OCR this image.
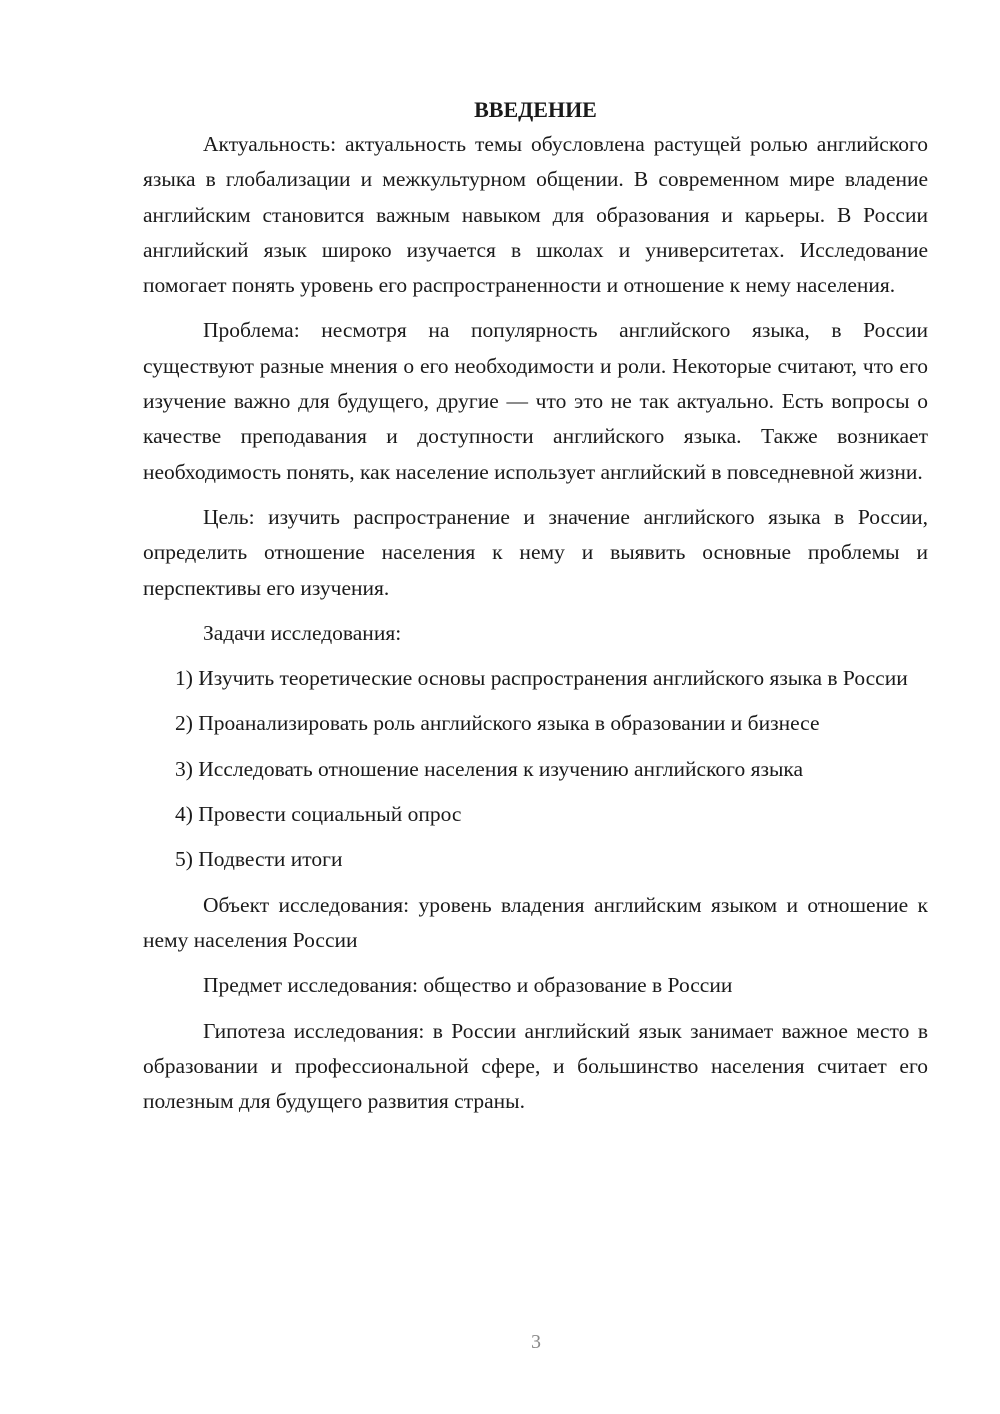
ВВЕДЕНИЕ

Актуальность: актуальность темы обусловлена растущей ролью английского языка в глобализации и межкультурном общении. В современном мире владение английским становится важным навыком для образования и карьеры. В России английский язык широко изучается в школах и университетах. Исследование помогает понять уровень его распространенности и отношение к нему населения.

Проблема: несмотря на популярность английского языка, в России существуют разные мнения о его необходимости и роли. Некоторые считают, что его изучение важно для будущего, другие — что это не так актуально. Есть вопросы о качестве преподавания и доступности английского языка. Также возникает необходимость понять, как население использует английский в повседневной жизни.

Цель: изучить распространение и значение английского языка в России, определить отношение населения к нему и выявить основные проблемы и перспективы его изучения.

Задачи исследования:

1) Изучить теоретические основы распространения английского языка в России

2) Проанализировать роль английского языка в образовании и бизнесе

3) Исследовать отношение населения к изучению английского языка

4) Провести социальный опрос

5) Подвести итоги

Объект исследования: уровень владения английским языком и отношение к нему населения России

Предмет исследования: общество и образование в России

Гипотеза исследования: в России английский язык занимает важное место в образовании и профессиональной сфере, и большинство населения считает его полезным для будущего развития страны.

3
